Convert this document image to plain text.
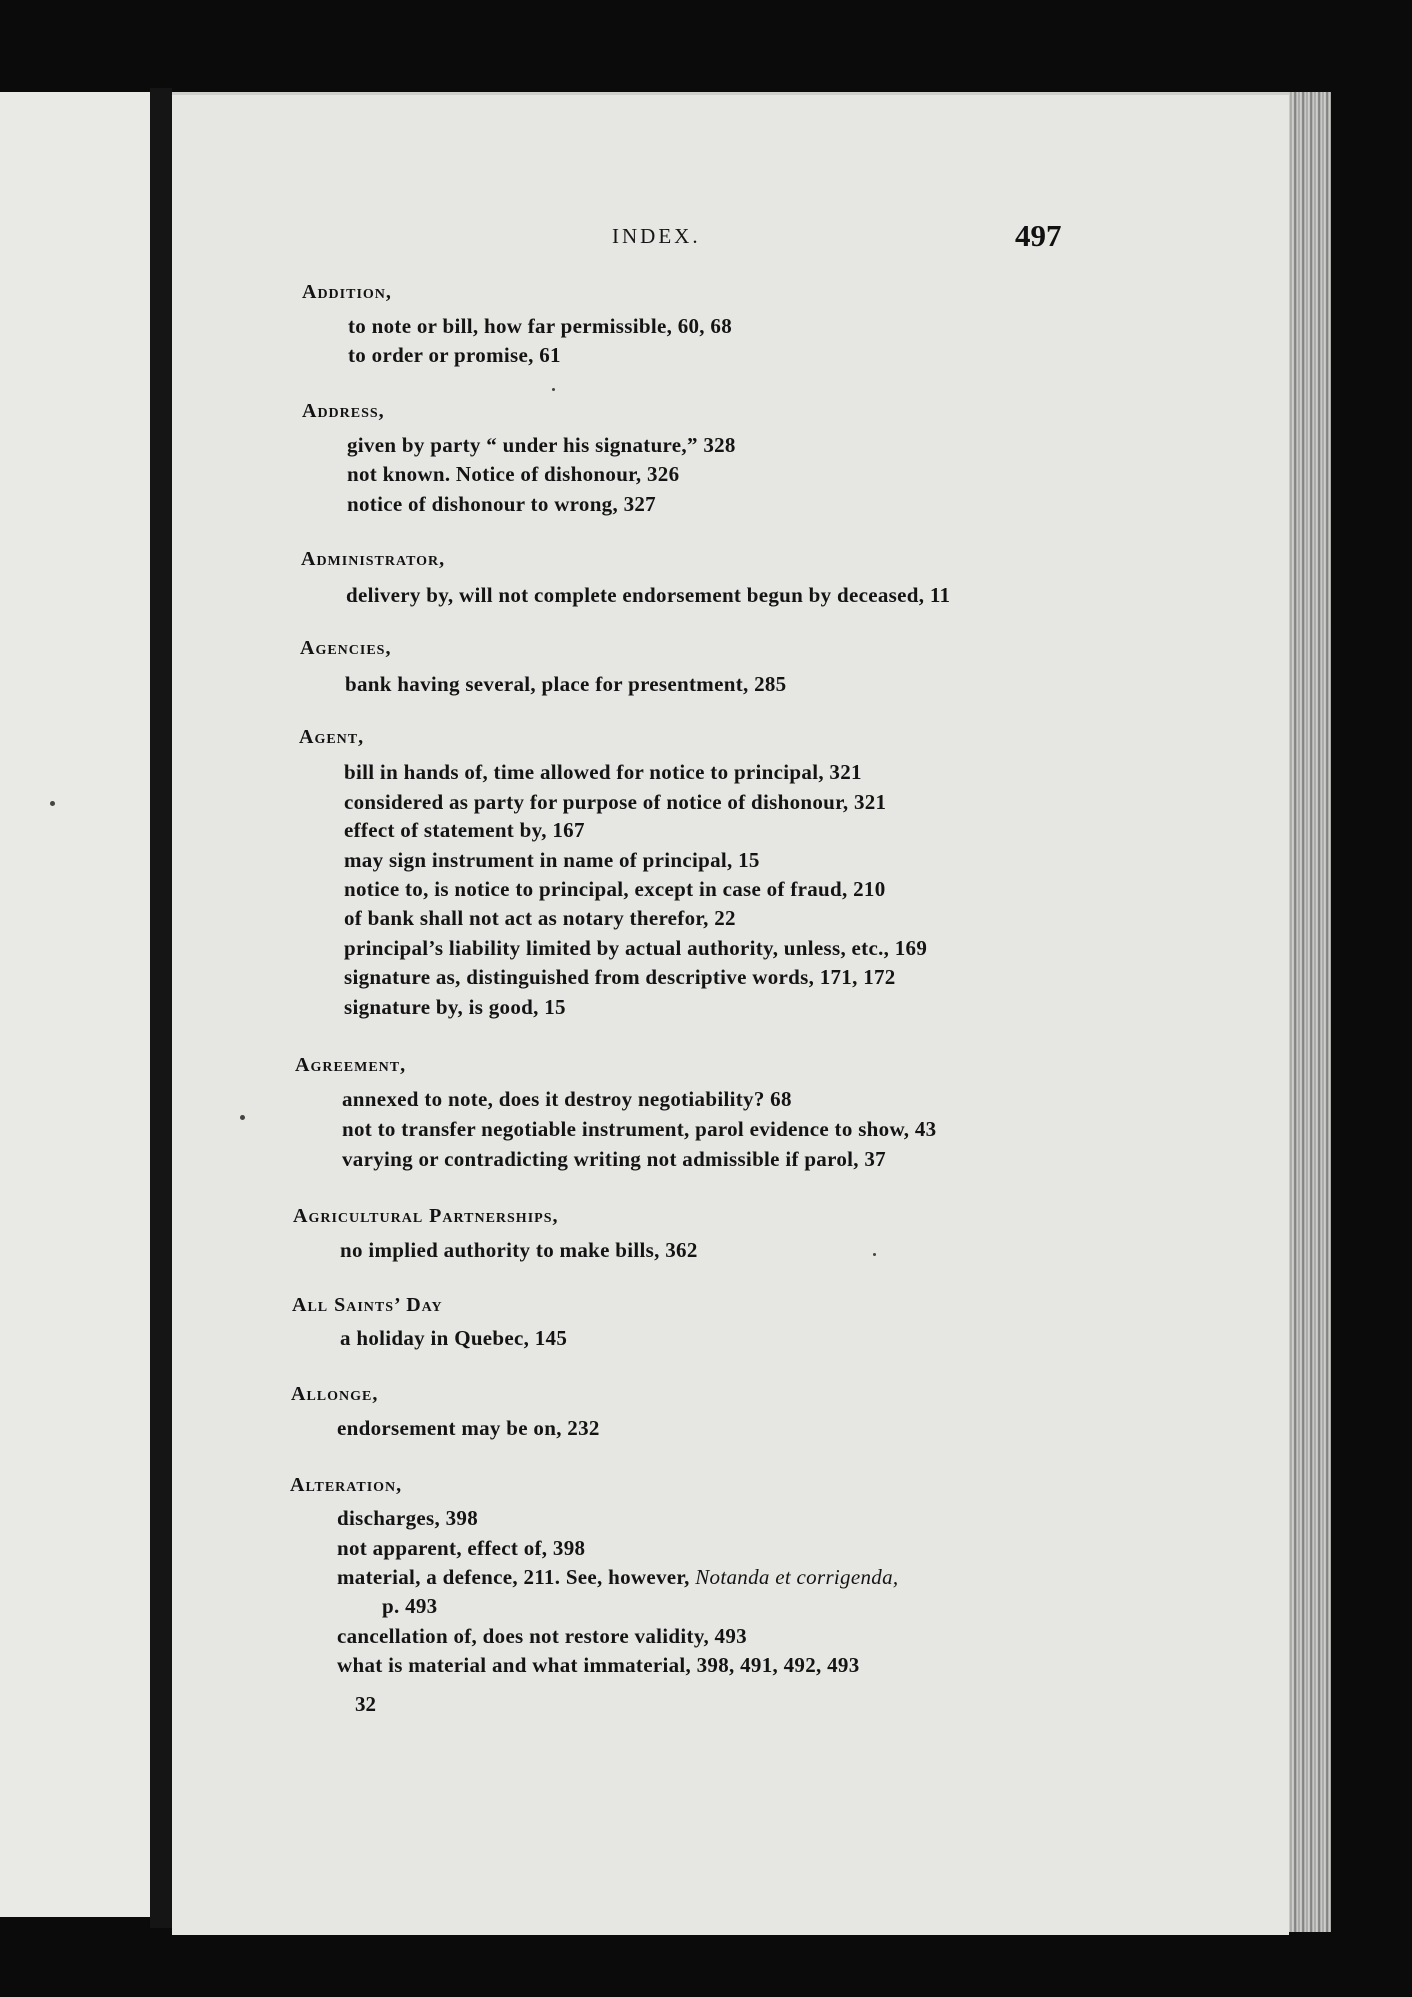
INDEX.	497
Addition,
to note or bill, how far permissible, 60, 68
to order or promise, 61
Address,
given by party “ under his signature,” 328
not known. Notice of dishonour, 326
notice of dishonour to wrong, 327
Administrator,
delivery by, will not complete endorsement begun by deceased, 11
Agencies,
bank having several, place for presentment, 285
Agent,
bill in hands of, time allowed for notice to principal, 321
considered as party for purpose of notice of dishonour, 321
effect of statement by, 167
may sign instrument in name of principal, 15
notice to, is notice to principal, except in case of fraud, 210
of bank shall not act as notary therefor, 22
principal’s liability limited by actual authority, unless, etc., 169
signature as, distinguished from descriptive words, 171, 172
signature by, is good, 15
Agreement,
annexed to note, does it destroy negotiability? 68
not to transfer negotiable instrument, parol evidence to show, 43
varying or contradicting writing not admissible if parol, 37
Agricultural Partnerships,
no implied authority to make bills, 362
All Saints’ Day
a holiday in Quebec, 145
Allonge,
endorsement may be on, 232
Alteration,
discharges, 398
not apparent, effect of, 398
material, a defence, 211. See, however, Notanda et corrigenda,
p. 493
cancellation of, does not restore validity, 493
what is material and what immaterial, 398, 491, 492, 493
32
